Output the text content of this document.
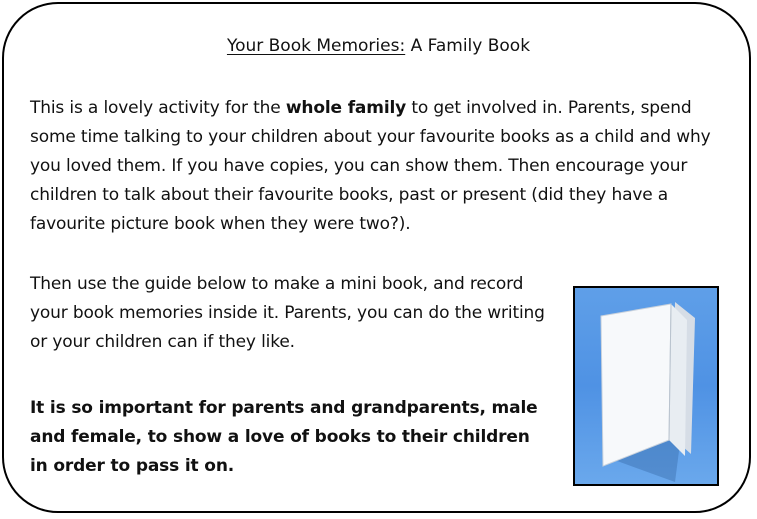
Your Book Memories: A Family Book

This is a lovely activity for the whole family to get involved in. Parents, spend some time talking to your children about your favourite books as a child and why you loved them. If you have copies, you can show them. Then encourage your children to talk about their favourite books, past or present (did they have a favourite picture book when they were two?).

Then use the guide below to make a mini book, and record your book memories inside it. Parents, you can do the writing or your children can if they like.

It is so important for parents and grandparents, male and female, to show a love of books to their children in order to pass it on.
